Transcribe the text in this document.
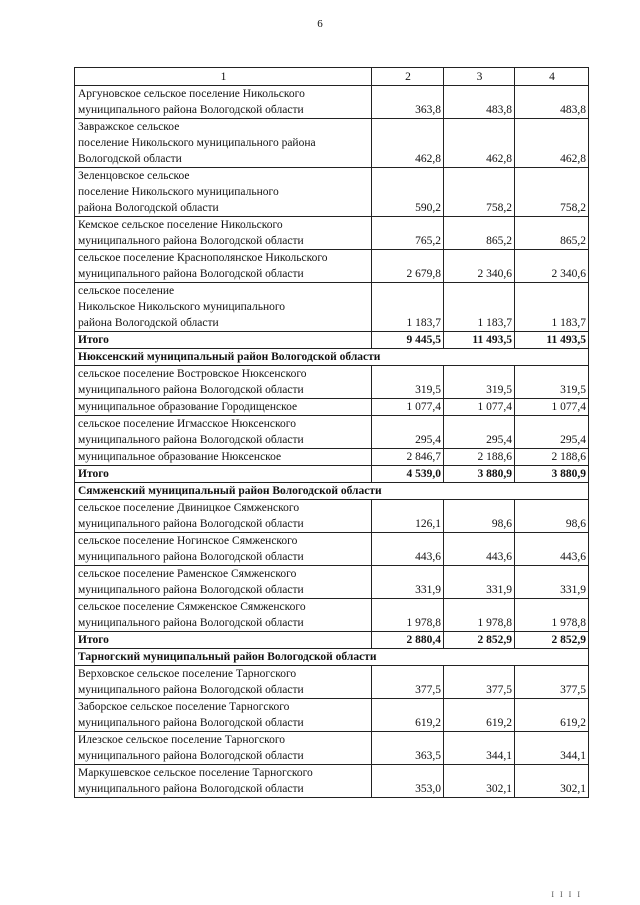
6
1	2	3	4
Аргуновское сельское поселение Никольского
муниципального района Вологодской области	363,8	483,8	483,8
Завражское сельское
поселение Никольского муниципального района
Вологодской области	462,8	462,8	462,8
Зеленцовское сельское
поселение Никольского муниципального
района Вологодской области	590,2	758,2	758,2
Кемское сельское поселение Никольского
муниципального района Вологодской области	765,2	865,2	865,2
сельское поселение Краснополянское Никольского
муниципального района Вологодской области	2 679,8	2 340,6	2 340,6
сельское поселение
Никольское Никольского муниципального
района Вологодской области	1 183,7	1 183,7	1 183,7
Итого	9 445,5	11 493,5	11 493,5
Нюксенский муниципальный район Вологодской области			
сельское поселение Востровское Нюксенского
муниципального района Вологодской области	319,5	319,5	319,5
муниципальное образование Городищенское	1 077,4	1 077,4	1 077,4
сельское поселение Игмасское Нюксенского
муниципального района Вологодской области	295,4	295,4	295,4
муниципальное образование Нюксенское	2 846,7	2 188,6	2 188,6
Итого	4 539,0	3 880,9	3 880,9
Сямженский муниципальный район Вологодской области			
сельское поселение Двиницкое Сямженского
муниципального района Вологодской области	126,1	98,6	98,6
сельское поселение Ногинское Сямженского
муниципального района Вологодской области	443,6	443,6	443,6
сельское поселение Раменское Сямженского
муниципального района Вологодской области	331,9	331,9	331,9
сельское поселение Сямженское Сямженского
муниципального района Вологодской области	1 978,8	1 978,8	1 978,8
Итого	2 880,4	2 852,9	2 852,9
Тарногский муниципальный район Вологодской области			
Верховское сельское поселение Тарногского
муниципального района Вологодской области	377,5	377,5	377,5
Заборское сельское поселение Тарногского
муниципального района Вологодской области	619,2	619,2	619,2
Илезское сельское поселение Тарногского
муниципального района Вологодской области	363,5	344,1	344,1
Маркушевское сельское поселение Тарногского
муниципального района Вологодской области	353,0	302,1	302,1
I I I I
